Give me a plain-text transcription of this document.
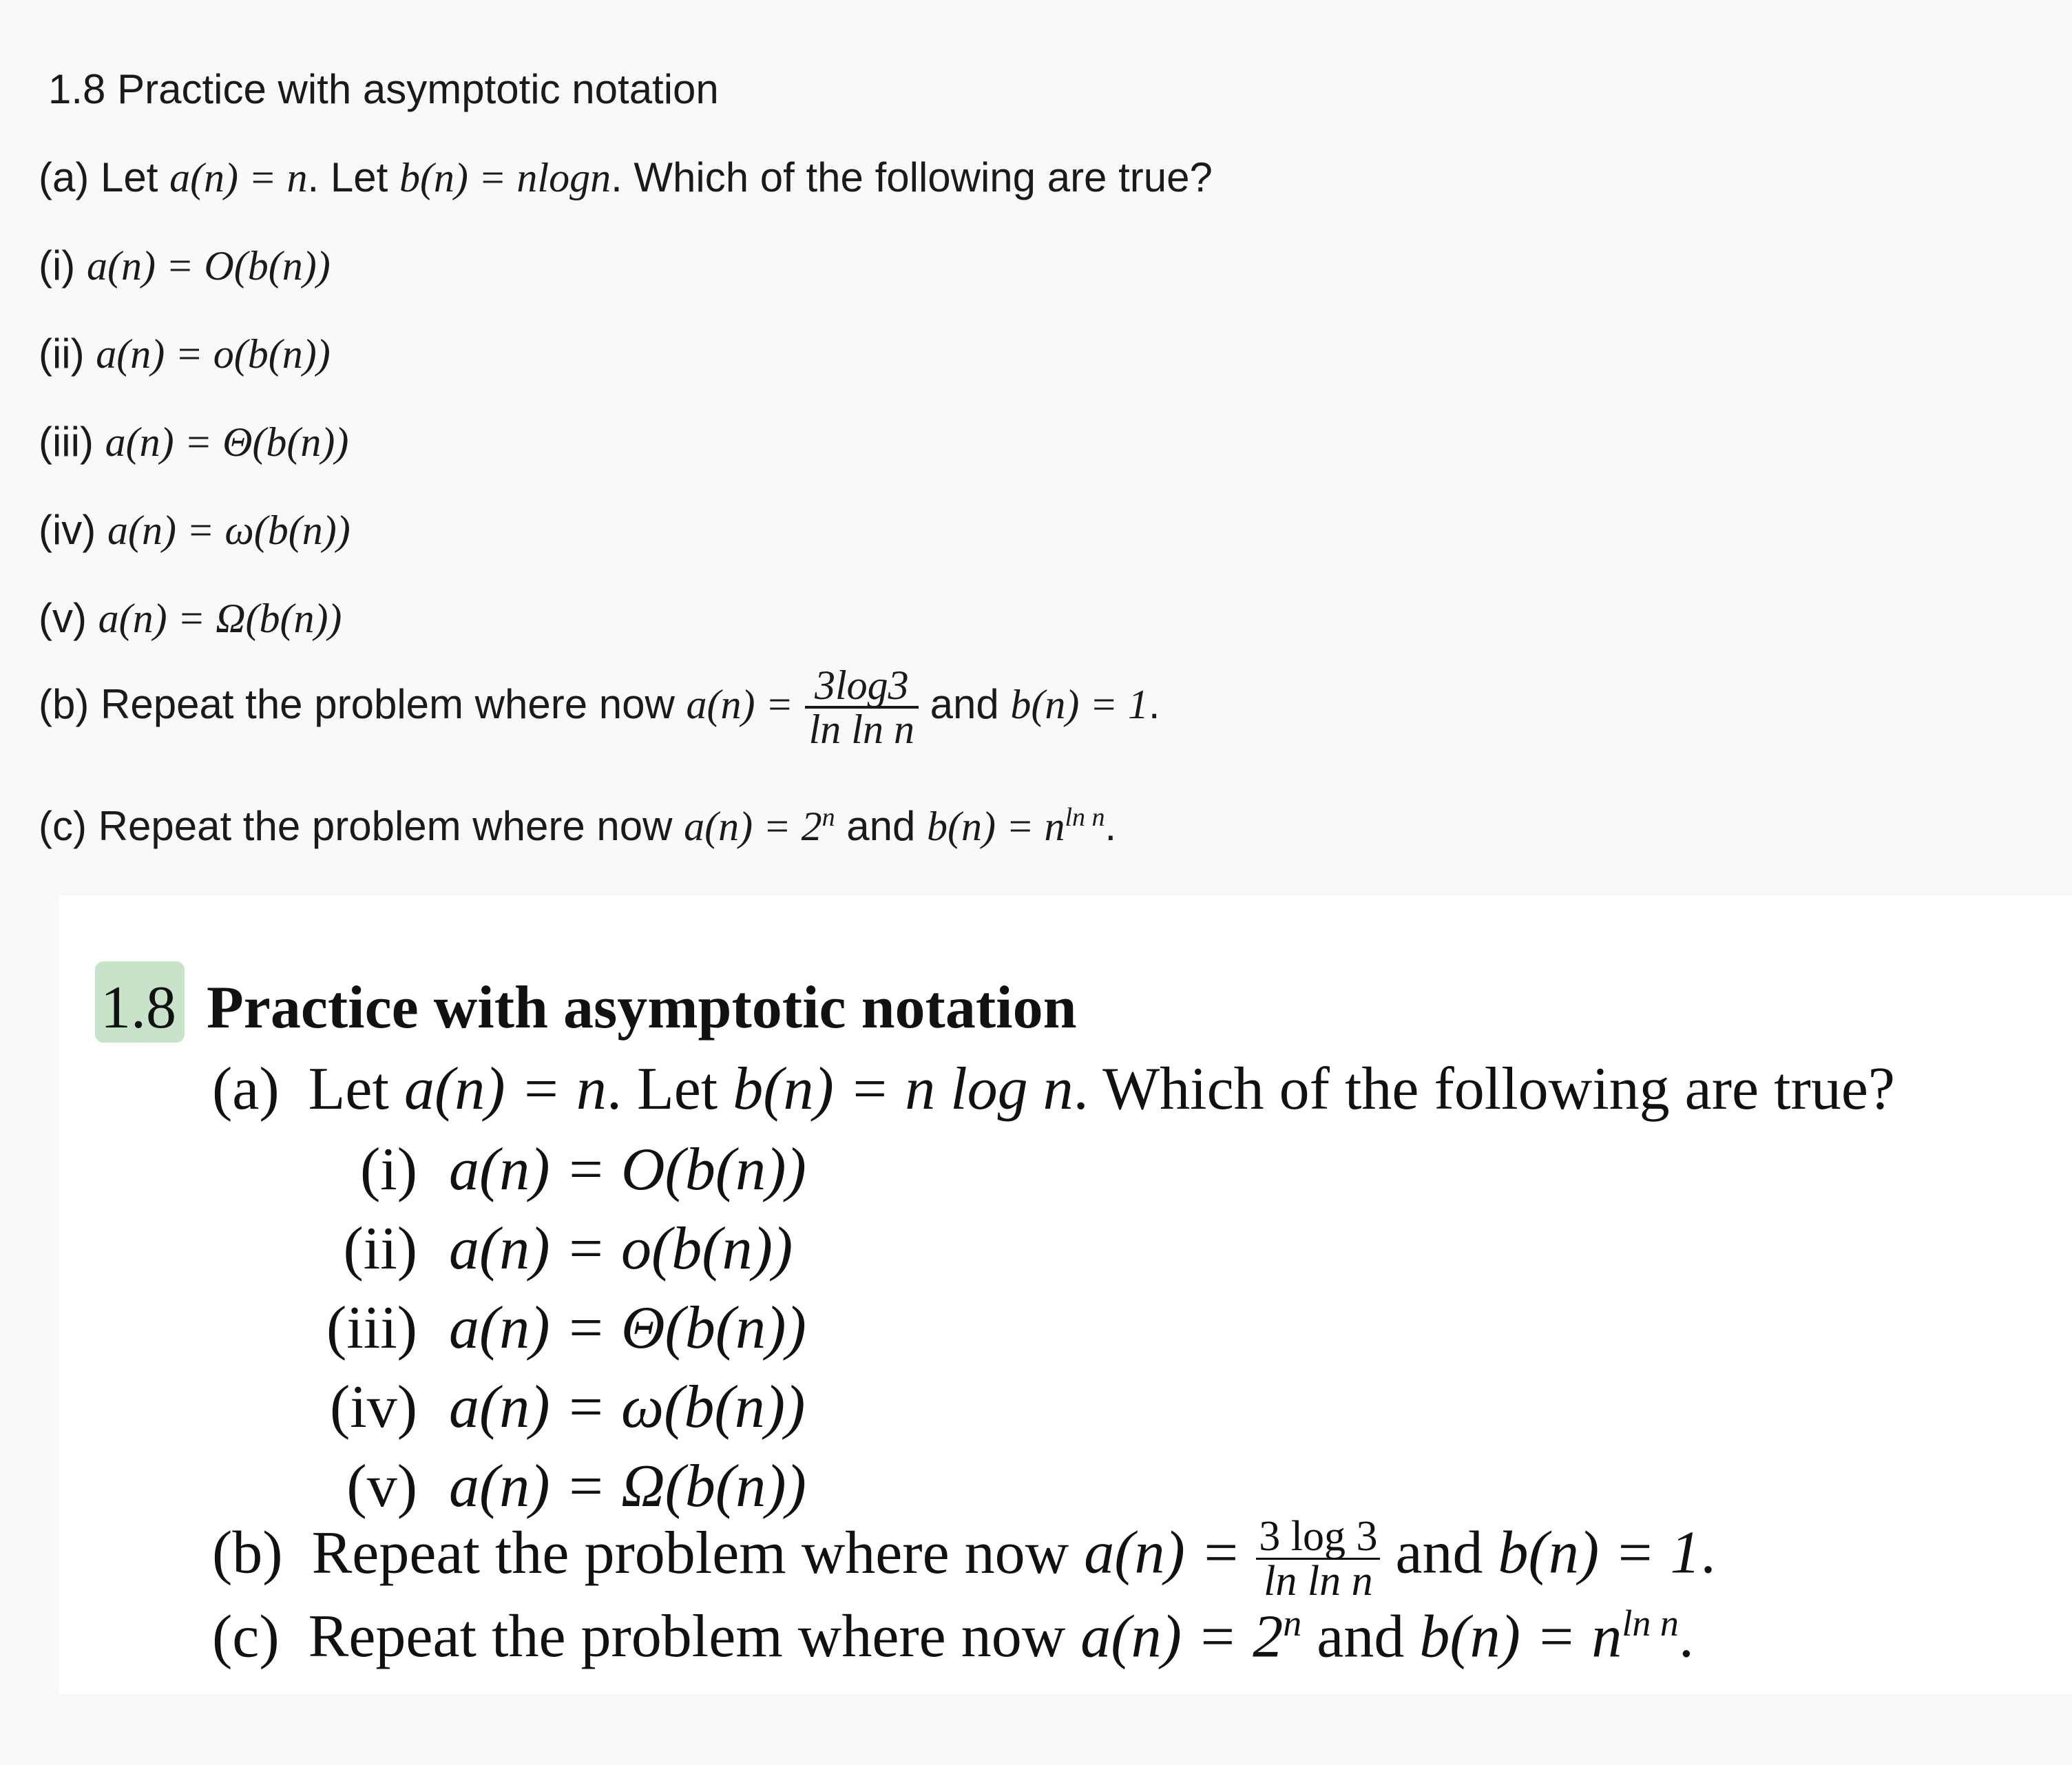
1.8 Practice with asymptotic notation
(a) Let a(n) = n. Let b(n) = nlogn. Which of the following are true?
(i) a(n) = O(b(n))
(ii) a(n) = o(b(n))
(iii) a(n) = Θ(b(n))
(iv) a(n) = ω(b(n))
(v) a(n) = Ω(b(n))
(b) Repeat the problem where now $a(n) = \frac{3\log 3}{\text{ln ln n}}$ and b(n) = 1.
(c) Repeat the problem where now $a(n) = 2^n$ and $b(n) = n^{ln n}$.
1.8 Practice with asymptotic notation
(a) Let a(n) = n. Let b(n) = n log n. Which of the following are true?
(i) a(n) = O(b(n))
(ii) a(n) = o(b(n))
(iii) a(n) = Θ(b(n))
(iv) a(n) = ω(b(n))
(v) a(n) = Ω(b(n))
(b) Repeat the problem where now $a(n) = \frac{3 \log 3}{\text{ln ln n}}$ and b(n) = 1.
(c) Repeat the problem where now $a(n) = 2^n$ and $b(n) = n^{ln n}$.
